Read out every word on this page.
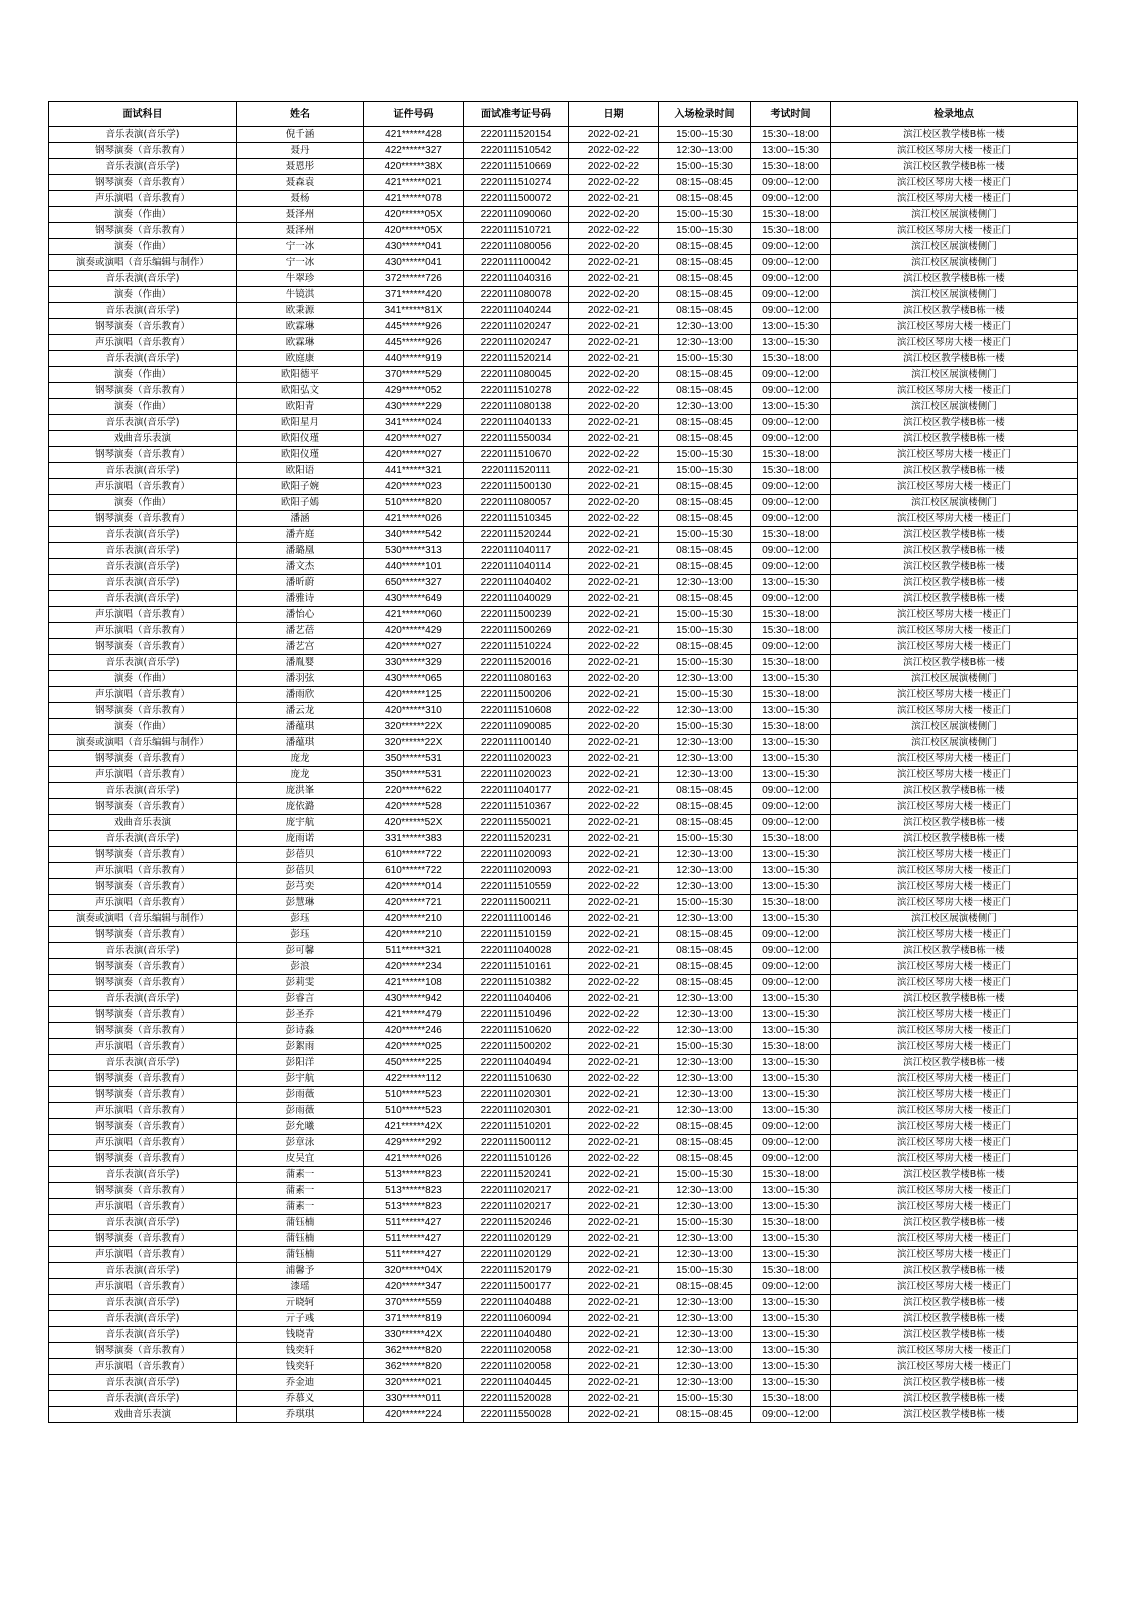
面试科目	姓名	证件号码	面试准考证号码	日期	入场检录时间	考试时间	检录地点
音乐表演(音乐学)	倪千涵	421******428	2220111520154	2022-02-21	15:00--15:30	15:30--18:00	滨江校区教学楼B栋一楼
钢琴演奏（音乐教育）	聂丹	422******327	2220111510542	2022-02-22	12:30--13:00	13:00--15:30	滨江校区琴房大楼一楼正门
音乐表演(音乐学)	聂恩彤	420******38X	2220111510669	2022-02-22	15:00--15:30	15:30--18:00	滨江校区教学楼B栋一楼
钢琴演奏（音乐教育）	聂森袁	421******021	2220111510274	2022-02-22	08:15--08:45	09:00--12:00	滨江校区琴房大楼一楼正门
声乐演唱（音乐教育）	聂杨	421******078	2220111500072	2022-02-21	08:15--08:45	09:00--12:00	滨江校区琴房大楼一楼正门
演奏（作曲）	聂泽州	420******05X	2220111090060	2022-02-20	15:00--15:30	15:30--18:00	滨江校区展演楼侧门
钢琴演奏（音乐教育）	聂泽州	420******05X	2220111510721	2022-02-22	15:00--15:30	15:30--18:00	滨江校区琴房大楼一楼正门
演奏（作曲）	宁一冰	430******041	2220111080056	2022-02-20	08:15--08:45	09:00--12:00	滨江校区展演楼侧门
演奏或演唱（音乐编辑与制作）	宁一冰	430******041	2220111100042	2022-02-21	08:15--08:45	09:00--12:00	滨江校区展演楼侧门
音乐表演(音乐学)	牛翠珍	372******726	2220111040316	2022-02-21	08:15--08:45	09:00--12:00	滨江校区教学楼B栋一楼
演奏（作曲）	牛镜淇	371******420	2220111080078	2022-02-20	08:15--08:45	09:00--12:00	滨江校区展演楼侧门
音乐表演(音乐学)	欧秉源	341******81X	2220111040244	2022-02-21	08:15--08:45	09:00--12:00	滨江校区教学楼B栋一楼
钢琴演奏（音乐教育）	欧霖琳	445******926	2220111020247	2022-02-21	12:30--13:00	13:00--15:30	滨江校区琴房大楼一楼正门
声乐演唱（音乐教育）	欧霖琳	445******926	2220111020247	2022-02-21	12:30--13:00	13:00--15:30	滨江校区琴房大楼一楼正门
音乐表演(音乐学)	欧庭康	440******919	2220111520214	2022-02-21	15:00--15:30	15:30--18:00	滨江校区教学楼B栋一楼
演奏（作曲）	欧阳德平	370******529	2220111080045	2022-02-20	08:15--08:45	09:00--12:00	滨江校区展演楼侧门
钢琴演奏（音乐教育）	欧阳弘文	429******052	2220111510278	2022-02-22	08:15--08:45	09:00--12:00	滨江校区琴房大楼一楼正门
演奏（作曲）	欧阳青	430******229	2220111080138	2022-02-20	12:30--13:00	13:00--15:30	滨江校区展演楼侧门
音乐表演(音乐学)	欧阳星月	341******024	2220111040133	2022-02-21	08:15--08:45	09:00--12:00	滨江校区教学楼B栋一楼
戏曲音乐表演	欧阳仪瑾	420******027	2220111550034	2022-02-21	08:15--08:45	09:00--12:00	滨江校区教学楼B栋一楼
钢琴演奏（音乐教育）	欧阳仪瑾	420******027	2220111510670	2022-02-22	15:00--15:30	15:30--18:00	滨江校区琴房大楼一楼正门
音乐表演(音乐学)	欧阳语	441******321	2220111520111	2022-02-21	15:00--15:30	15:30--18:00	滨江校区教学楼B栋一楼
声乐演唱（音乐教育）	欧阳子婉	420******023	2220111500130	2022-02-21	08:15--08:45	09:00--12:00	滨江校区琴房大楼一楼正门
演奏（作曲）	欧阳子嫣	510******820	2220111080057	2022-02-20	08:15--08:45	09:00--12:00	滨江校区展演楼侧门
钢琴演奏（音乐教育）	潘涵	421******026	2220111510345	2022-02-22	08:15--08:45	09:00--12:00	滨江校区琴房大楼一楼正门
音乐表演(音乐学)	潘卉庭	340******542	2220111520244	2022-02-21	15:00--15:30	15:30--18:00	滨江校区教学楼B栋一楼
音乐表演(音乐学)	潘璐凰	530******313	2220111040117	2022-02-21	08:15--08:45	09:00--12:00	滨江校区教学楼B栋一楼
音乐表演(音乐学)	潘文杰	440******101	2220111040114	2022-02-21	08:15--08:45	09:00--12:00	滨江校区教学楼B栋一楼
音乐表演(音乐学)	潘昕蔚	650******327	2220111040402	2022-02-21	12:30--13:00	13:00--15:30	滨江校区教学楼B栋一楼
音乐表演(音乐学)	潘雅诗	430******649	2220111040029	2022-02-21	08:15--08:45	09:00--12:00	滨江校区教学楼B栋一楼
声乐演唱（音乐教育）	潘怡心	421******060	2220111500239	2022-02-21	15:00--15:30	15:30--18:00	滨江校区琴房大楼一楼正门
声乐演唱（音乐教育）	潘艺蓓	420******429	2220111500269	2022-02-21	15:00--15:30	15:30--18:00	滨江校区琴房大楼一楼正门
钢琴演奏（音乐教育）	潘艺宫	420******027	2220111510224	2022-02-22	08:15--08:45	09:00--12:00	滨江校区琴房大楼一楼正门
音乐表演(音乐学)	潘胤婴	330******329	2220111520016	2022-02-21	15:00--15:30	15:30--18:00	滨江校区教学楼B栋一楼
演奏（作曲）	潘羽弦	430******065	2220111080163	2022-02-20	12:30--13:00	13:00--15:30	滨江校区展演楼侧门
声乐演唱（音乐教育）	潘雨欣	420******125	2220111500206	2022-02-21	15:00--15:30	15:30--18:00	滨江校区琴房大楼一楼正门
钢琴演奏（音乐教育）	潘云龙	420******310	2220111510608	2022-02-22	12:30--13:00	13:00--15:30	滨江校区琴房大楼一楼正门
演奏（作曲）	潘蕴琪	320******22X	2220111090085	2022-02-20	15:00--15:30	15:30--18:00	滨江校区展演楼侧门
演奏或演唱（音乐编辑与制作）	潘蕴琪	320******22X	2220111100140	2022-02-21	12:30--13:00	13:00--15:30	滨江校区展演楼侧门
钢琴演奏（音乐教育）	庞龙	350******531	2220111020023	2022-02-21	12:30--13:00	13:00--15:30	滨江校区琴房大楼一楼正门
声乐演唱（音乐教育）	庞龙	350******531	2220111020023	2022-02-21	12:30--13:00	13:00--15:30	滨江校区琴房大楼一楼正门
音乐表演(音乐学)	庞洪峯	220******622	2220111040177	2022-02-21	08:15--08:45	09:00--12:00	滨江校区教学楼B栋一楼
钢琴演奏（音乐教育）	庞依潞	420******528	2220111510367	2022-02-22	08:15--08:45	09:00--12:00	滨江校区琴房大楼一楼正门
戏曲音乐表演	庞宇航	420******52X	2220111550021	2022-02-21	08:15--08:45	09:00--12:00	滨江校区教学楼B栋一楼
音乐表演(音乐学)	庞雨诺	331******383	2220111520231	2022-02-21	15:00--15:30	15:30--18:00	滨江校区教学楼B栋一楼
钢琴演奏（音乐教育）	彭蓓贝	610******722	2220111020093	2022-02-21	12:30--13:00	13:00--15:30	滨江校区琴房大楼一楼正门
声乐演唱（音乐教育）	彭蓓贝	610******722	2220111020093	2022-02-21	12:30--13:00	13:00--15:30	滨江校区琴房大楼一楼正门
钢琴演奏（音乐教育）	彭芎奕	420******014	2220111510559	2022-02-22	12:30--13:00	13:00--15:30	滨江校区琴房大楼一楼正门
声乐演唱（音乐教育）	彭慧琳	420******721	2220111500211	2022-02-21	15:00--15:30	15:30--18:00	滨江校区琴房大楼一楼正门
演奏或演唱（音乐编辑与制作）	彭珏	420******210	2220111100146	2022-02-21	12:30--13:00	13:00--15:30	滨江校区展演楼侧门
钢琴演奏（音乐教育）	彭珏	420******210	2220111510159	2022-02-21	08:15--08:45	09:00--12:00	滨江校区琴房大楼一楼正门
音乐表演(音乐学)	彭可馨	511******321	2220111040028	2022-02-21	08:15--08:45	09:00--12:00	滨江校区教学楼B栋一楼
钢琴演奏（音乐教育）	彭浪	420******234	2220111510161	2022-02-21	08:15--08:45	09:00--12:00	滨江校区琴房大楼一楼正门
钢琴演奏（音乐教育）	彭莉雯	421******108	2220111510382	2022-02-22	08:15--08:45	09:00--12:00	滨江校区琴房大楼一楼正门
音乐表演(音乐学)	彭睿言	430******942	2220111040406	2022-02-21	12:30--13:00	13:00--15:30	滨江校区教学楼B栋一楼
钢琴演奏（音乐教育）	彭圣乔	421******479	2220111510496	2022-02-22	12:30--13:00	13:00--15:30	滨江校区琴房大楼一楼正门
钢琴演奏（音乐教育）	彭诗淼	420******246	2220111510620	2022-02-22	12:30--13:00	13:00--15:30	滨江校区琴房大楼一楼正门
声乐演唱（音乐教育）	彭絮雨	420******025	2220111500202	2022-02-21	15:00--15:30	15:30--18:00	滨江校区琴房大楼一楼正门
音乐表演(音乐学)	彭阳洋	450******225	2220111040494	2022-02-21	12:30--13:00	13:00--15:30	滨江校区教学楼B栋一楼
钢琴演奏（音乐教育）	彭宇航	422******112	2220111510630	2022-02-22	12:30--13:00	13:00--15:30	滨江校区琴房大楼一楼正门
钢琴演奏（音乐教育）	彭雨薇	510******523	2220111020301	2022-02-21	12:30--13:00	13:00--15:30	滨江校区琴房大楼一楼正门
声乐演唱（音乐教育）	彭雨薇	510******523	2220111020301	2022-02-21	12:30--13:00	13:00--15:30	滨江校区琴房大楼一楼正门
钢琴演奏（音乐教育）	彭允曦	421******42X	2220111510201	2022-02-22	08:15--08:45	09:00--12:00	滨江校区琴房大楼一楼正门
声乐演唱（音乐教育）	彭章泳	429******292	2220111500112	2022-02-21	08:15--08:45	09:00--12:00	滨江校区琴房大楼一楼正门
钢琴演奏（音乐教育）	皮吴宜	421******026	2220111510126	2022-02-22	08:15--08:45	09:00--12:00	滨江校区琴房大楼一楼正门
音乐表演(音乐学)	蒲素一	513******823	2220111520241	2022-02-21	15:00--15:30	15:30--18:00	滨江校区教学楼B栋一楼
钢琴演奏（音乐教育）	蒲素一	513******823	2220111020217	2022-02-21	12:30--13:00	13:00--15:30	滨江校区琴房大楼一楼正门
声乐演唱（音乐教育）	蒲素一	513******823	2220111020217	2022-02-21	12:30--13:00	13:00--15:30	滨江校区琴房大楼一楼正门
音乐表演(音乐学)	蒲钰楠	511******427	2220111520246	2022-02-21	15:00--15:30	15:30--18:00	滨江校区教学楼B栋一楼
钢琴演奏（音乐教育）	蒲钰楠	511******427	2220111020129	2022-02-21	12:30--13:00	13:00--15:30	滨江校区琴房大楼一楼正门
声乐演唱（音乐教育）	蒲钰楠	511******427	2220111020129	2022-02-21	12:30--13:00	13:00--15:30	滨江校区琴房大楼一楼正门
音乐表演(音乐学)	浦馨予	320******04X	2220111520179	2022-02-21	15:00--15:30	15:30--18:00	滨江校区教学楼B栋一楼
声乐演唱（音乐教育）	漆瑶	420******347	2220111500177	2022-02-21	08:15--08:45	09:00--12:00	滨江校区琴房大楼一楼正门
音乐表演(音乐学)	亓晓轲	370******559	2220111040488	2022-02-21	12:30--13:00	13:00--15:30	滨江校区教学楼B栋一楼
音乐表演(音乐学)	亓子彧	371******819	2220111060094	2022-02-21	12:30--13:00	13:00--15:30	滨江校区教学楼B栋一楼
音乐表演(音乐学)	钱晓青	330******42X	2220111040480	2022-02-21	12:30--13:00	13:00--15:30	滨江校区教学楼B栋一楼
钢琴演奏（音乐教育）	钱奕轩	362******820	2220111020058	2022-02-21	12:30--13:00	13:00--15:30	滨江校区琴房大楼一楼正门
声乐演唱（音乐教育）	钱奕轩	362******820	2220111020058	2022-02-21	12:30--13:00	13:00--15:30	滨江校区琴房大楼一楼正门
音乐表演(音乐学)	乔金迪	320******021	2220111040445	2022-02-21	12:30--13:00	13:00--15:30	滨江校区教学楼B栋一楼
音乐表演(音乐学)	乔慕义	330******011	2220111520028	2022-02-21	15:00--15:30	15:30--18:00	滨江校区教学楼B栋一楼
戏曲音乐表演	乔琪琪	420******224	2220111550028	2022-02-21	08:15--08:45	09:00--12:00	滨江校区教学楼B栋一楼
